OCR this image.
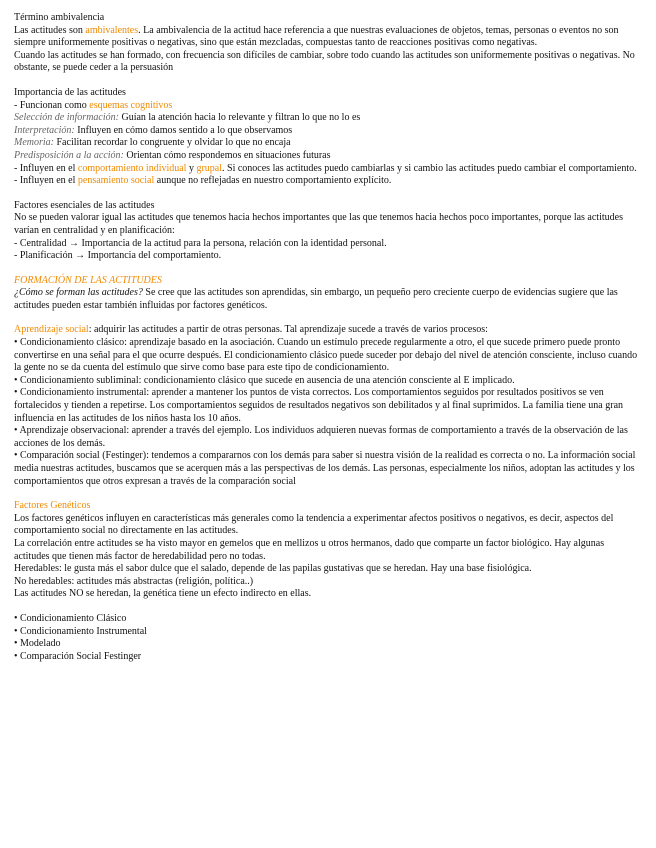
Término ambivalencia

Las actitudes son ambivalentes. La ambivalencia de la actitud hace referencia a que nuestras evaluaciones de objetos, temas, personas o eventos no son siempre uniformemente positivas o negativas, sino que están mezcladas, compuestas tanto de reacciones positivas como negativas.

Cuando las actitudes se han formado, con frecuencia son difíciles de cambiar, sobre todo cuando las actitudes son uniformemente positivas o negativas. No obstante, se puede ceder a la persuasión

Importancia de las actitudes

- Funcionan como esquemas cognitivos

Selección de información: Guían la atención hacia lo relevante y filtran lo que no lo es

Interpretación: Influyen en cómo damos sentido a lo que observamos

Memoria: Facilitan recordar lo congruente y olvidar lo que no encaja

Predisposición a la acción: Orientan cómo respondemos en situaciones futuras

- Influyen en el comportamiento individual y grupal. Si conoces las actitudes puedo cambiarlas y si cambio las actitudes puedo cambiar el comportamiento.

- Influyen en el pensamiento social aunque no reflejadas en nuestro comportamiento explícito.

Factores esenciales de las actitudes

No se pueden valorar igual las actitudes que tenemos hacia hechos importantes que las que tenemos hacia hechos poco importantes, porque las actitudes varían en centralidad y en planificación:

- Centralidad → Importancia de la actitud para la persona, relación con la identidad personal.

- Planificación → Importancia del comportamiento.

FORMACIÓN DE LAS ACTITUDES

¿Cómo se forman las actitudes? Se cree que las actitudes son aprendidas, sin embargo, un pequeño pero creciente cuerpo de evidencias sugiere que las actitudes pueden estar también influidas por factores genéticos.

Aprendizaje social: adquirir las actitudes a partir de otras personas. Tal aprendizaje sucede a través de varios procesos:

• Condicionamiento clásico: aprendizaje basado en la asociación. Cuando un estímulo precede regularmente a otro, el que sucede primero puede pronto convertirse en una señal para el que ocurre después. El condicionamiento clásico puede suceder por debajo del nivel de atención consciente, incluso cuando la gente no se da cuenta del estímulo que sirve como base para este tipo de condicionamiento.

• Condicionamiento subliminal: condicionamiento clásico que sucede en ausencia de una atención consciente al E implicado.

• Condicionamiento instrumental: aprender a mantener los puntos de vista correctos. Los comportamientos seguidos por resultados positivos se ven fortalecidos y tienden a repetirse. Los comportamientos seguidos de resultados negativos son debilitados y al final suprimidos. La familia tiene una gran influencia en las actitudes de los niños hasta los 10 años.

• Aprendizaje observacional: aprender a través del ejemplo. Los individuos adquieren nuevas formas de comportamiento a través de la observación de las acciones de los demás.

• Comparación social (Festinger): tendemos a compararnos con los demás para saber si nuestra visión de la realidad es correcta o no. La información social media nuestras actitudes, buscamos que se acerquen más a las perspectivas de los demás. Las personas, especialmente los niños, adoptan las actitudes y los comportamientos que otros expresan a través de la comparación social

Factores Genéticos

Los factores genéticos influyen en características más generales como la tendencia a experimentar afectos positivos o negativos, es decir, aspectos del comportamiento social no directamente en las actitudes.

La correlación entre actitudes se ha visto mayor en gemelos que en mellizos u otros hermanos, dado que comparte un factor biológico. Hay algunas actitudes que tienen más factor de heredabilidad pero no todas.

Heredables: le gusta más el sabor dulce que el salado, depende de las papilas gustativas que se heredan. Hay una base fisiológica.

No heredables: actitudes más abstractas (religión, política..)

Las actitudes NO se heredan, la genética tiene un efecto indirecto en ellas.

• Condicionamiento Clásico

• Condicionamiento Instrumental

• Modelado

• Comparación Social Festinger
